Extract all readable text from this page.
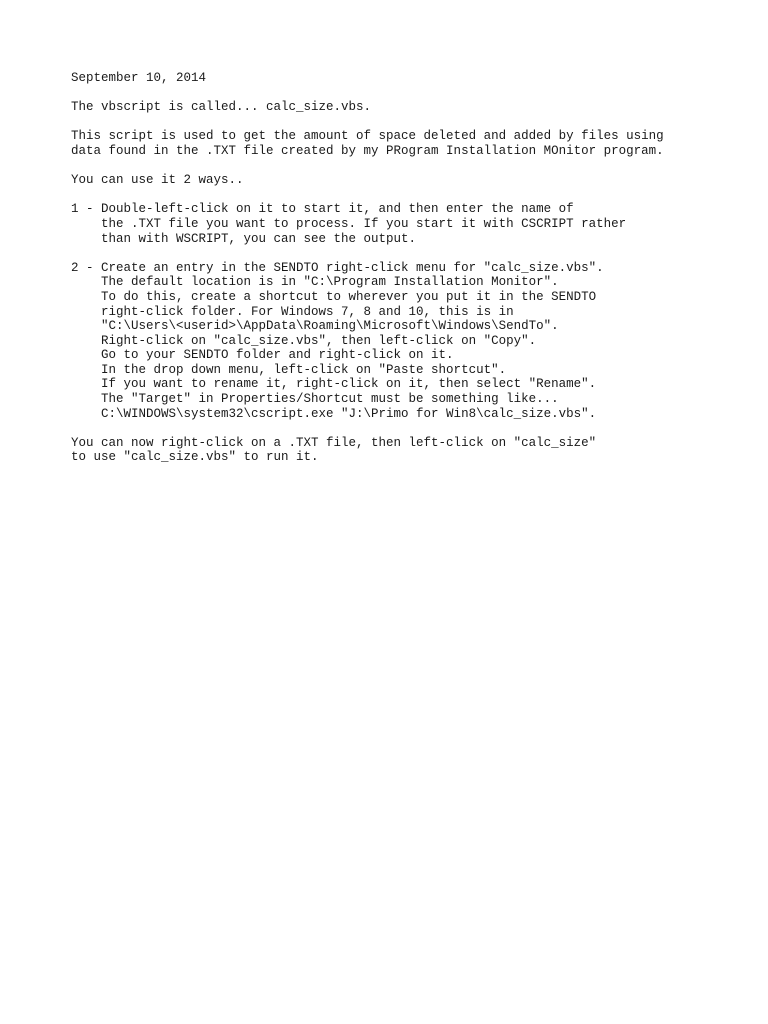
September 10, 2014
The vbscript is called... calc_size.vbs.
This script is used to get the amount of space deleted and added by files using
data found in the .TXT file created by my PRogram Installation MOnitor program.
You can use it 2 ways..
1 - Double-left-click on it to start it, and then enter the name of
the .TXT file you want to process. If you start it with CSCRIPT rather
than with WSCRIPT, you can see the output.
2 - Create an entry in the SENDTO right-click menu for "calc_size.vbs".
The default location is in "C:\Program Installation Monitor".
To do this, create a shortcut to wherever you put it in the SENDTO
right-click folder. For Windows 7, 8 and 10, this is in
"C:\Users\<userid>\AppData\Roaming\Microsoft\Windows\SendTo".
Right-click on "calc_size.vbs", then left-click on "Copy".
Go to your SENDTO folder and right-click on it.
In the drop down menu, left-click on "Paste shortcut".
If you want to rename it, right-click on it, then select "Rename".
The "Target" in Properties/Shortcut must be something like...
C:\WINDOWS\system32\cscript.exe "J:\Primo for Win8\calc_size.vbs".
You can now right-click on a .TXT file, then left-click on "calc_size"
to use "calc_size.vbs" to run it.
